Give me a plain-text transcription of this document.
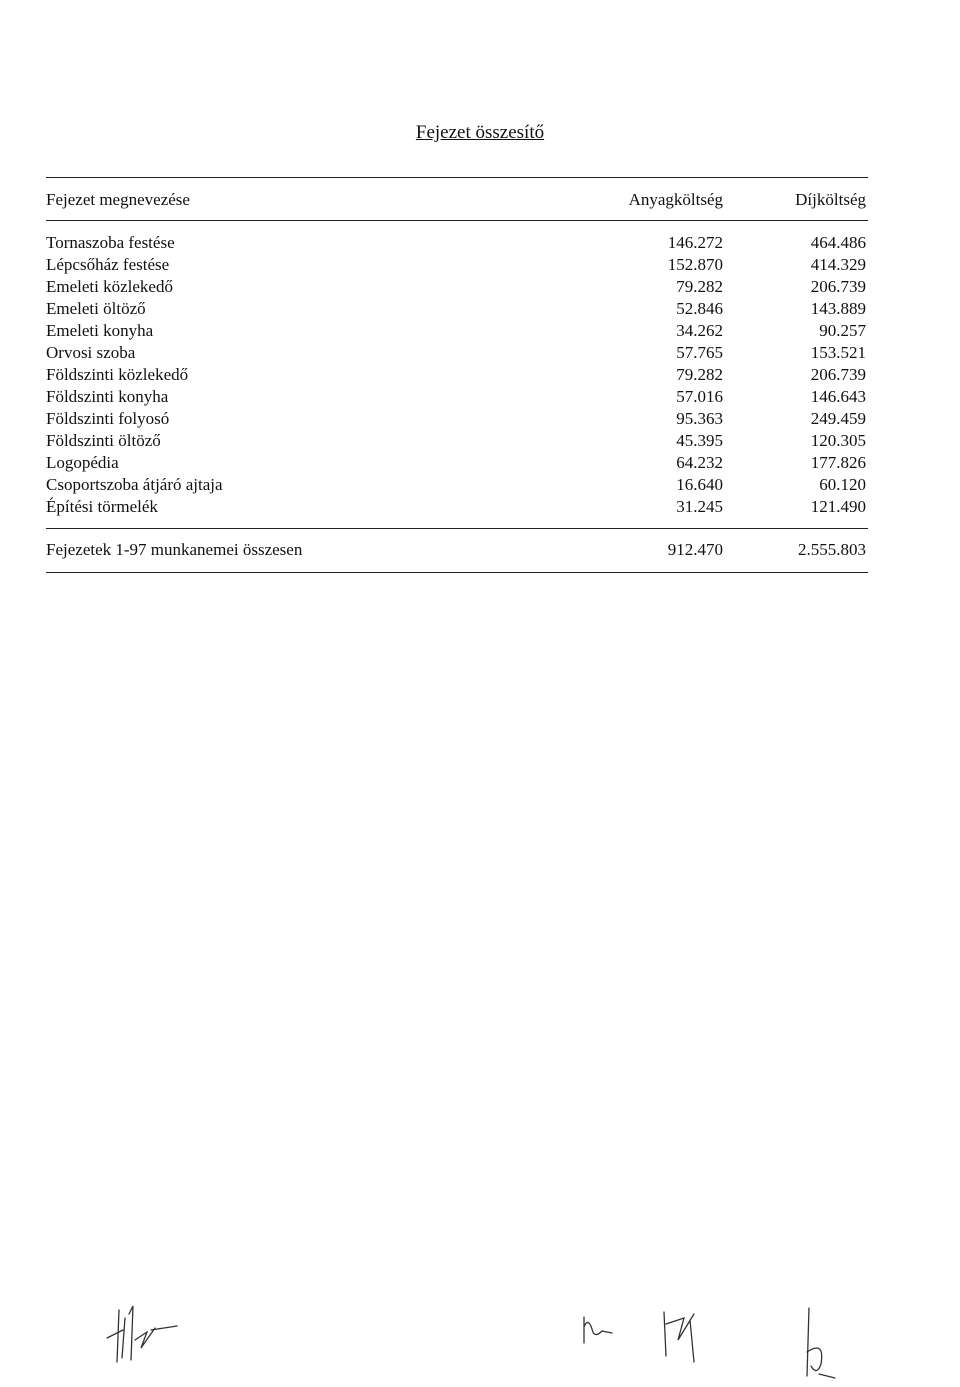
Fejezet összesítő
Fejezet megnevezése	Anyagköltség	Díjköltség
Tornaszoba festése	146.272	464.486
Lépcsőház festése	152.870	414.329
Emeleti közlekedő	79.282	206.739
Emeleti öltöző	52.846	143.889
Emeleti konyha	34.262	90.257
Orvosi szoba	57.765	153.521
Földszinti közlekedő	79.282	206.739
Földszinti konyha	57.016	146.643
Földszinti folyosó	95.363	249.459
Földszinti öltöző	45.395	120.305
Logopédia	64.232	177.826
Csoportszoba átjáró ajtaja	16.640	60.120
Építési törmelék	31.245	121.490
Fejezetek 1-97 munkanemei összesen	912.470	2.555.803
